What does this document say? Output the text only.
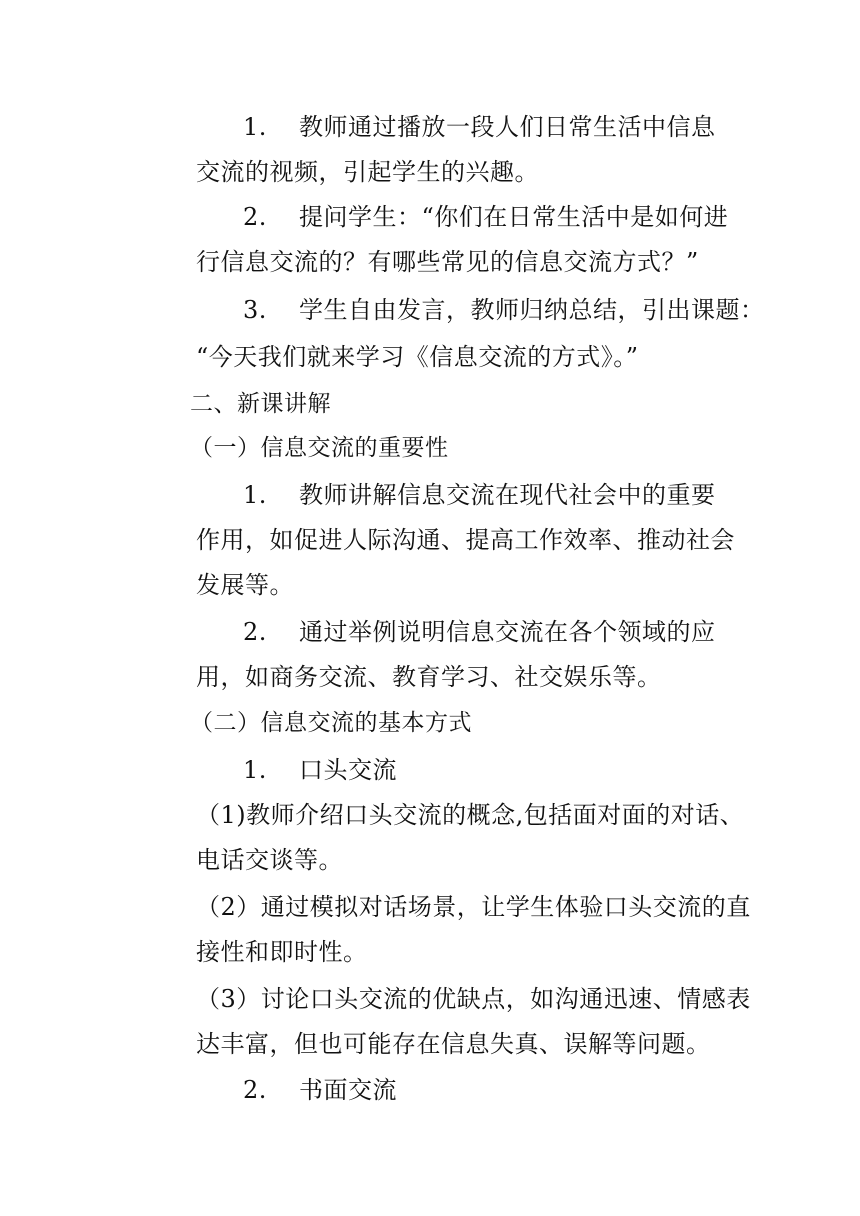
1. 教师通过播放一段人们日常生活中信息
交流的视频，引起学生的兴趣。
2. 提问学生：“你们在日常生活中是如何进
行信息交流的？有哪些常见的信息交流方式？”
3. 学生自由发言，教师归纳总结，引出课题：
“今天我们就来学习《信息交流的方式》。”
二、新课讲解
（一）信息交流的重要性
1. 教师讲解信息交流在现代社会中的重要
作用，如促进人际沟通、提高工作效率、推动社会
发展等。
2. 通过举例说明信息交流在各个领域的应
用，如商务交流、教育学习、社交娱乐等。
（二）信息交流的基本方式
1. 口头交流
（1)教师介绍口头交流的概念,包括面对面的对话、
电话交谈等。
（2）通过模拟对话场景，让学生体验口头交流的直
接性和即时性。
（3）讨论口头交流的优缺点，如沟通迅速、情感表
达丰富，但也可能存在信息失真、误解等问题。
2. 书面交流
